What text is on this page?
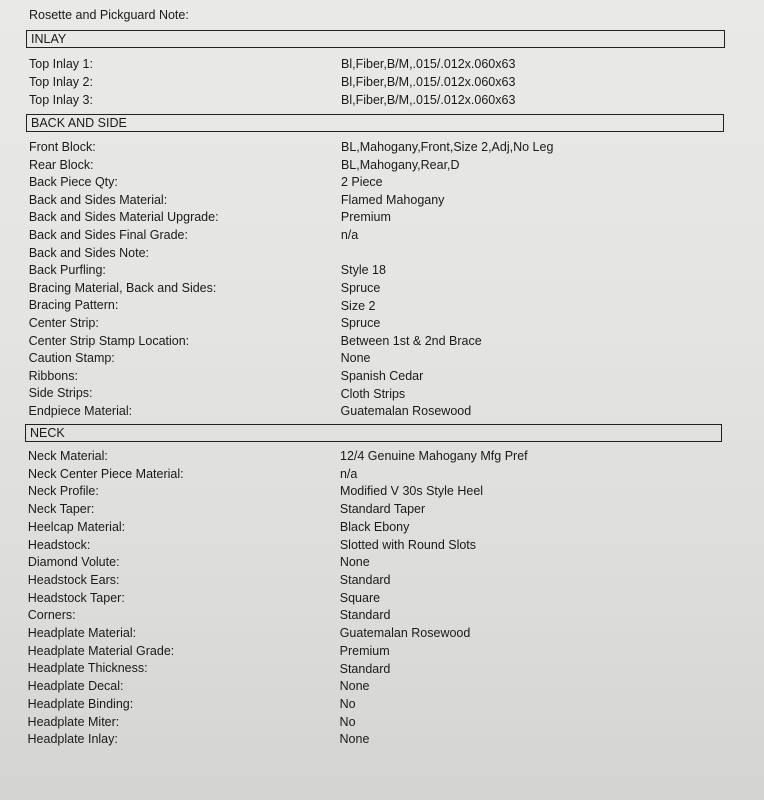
Rosette and Pickguard Note:
INLAY
Top Inlay 1:	Bl,Fiber,B/M,.015/.012x.060x63
Top Inlay 2:	Bl,Fiber,B/M,.015/.012x.060x63
Top Inlay 3:	Bl,Fiber,B/M,.015/.012x.060x63
BACK AND SIDE
Front Block:	BL,Mahogany,Front,Size 2,Adj,No Leg
Rear Block:	BL,Mahogany,Rear,D
Back Piece Qty:	2 Piece
Back and Sides Material:	Flamed Mahogany
Back and Sides Material Upgrade:	Premium
Back and Sides Final Grade:	n/a
Back and Sides Note:
Back Purfling:	Style 18
Bracing Material, Back and Sides:	Spruce
Bracing Pattern:	Size 2
Center Strip:	Spruce
Center Strip Stamp Location:	Between 1st & 2nd Brace
Caution Stamp:	None
Ribbons:	Spanish Cedar
Side Strips:	Cloth Strips
Endpiece Material:	Guatemalan Rosewood
NECK
Neck Material:	12/4 Genuine Mahogany Mfg Pref
Neck Center Piece Material:	n/a
Neck Profile:	Modified V 30s Style Heel
Neck Taper:	Standard Taper
Heelcap Material:	Black Ebony
Headstock:	Slotted with Round Slots
Diamond Volute:	None
Headstock Ears:	Standard
Headstock Taper:	Square
Corners:	Standard
Headplate Material:	Guatemalan Rosewood
Headplate Material Grade:	Premium
Headplate Thickness:	Standard
Headplate Decal:	None
Headplate Binding:	No
Headplate Miter:	No
Headplate Inlay:	None
